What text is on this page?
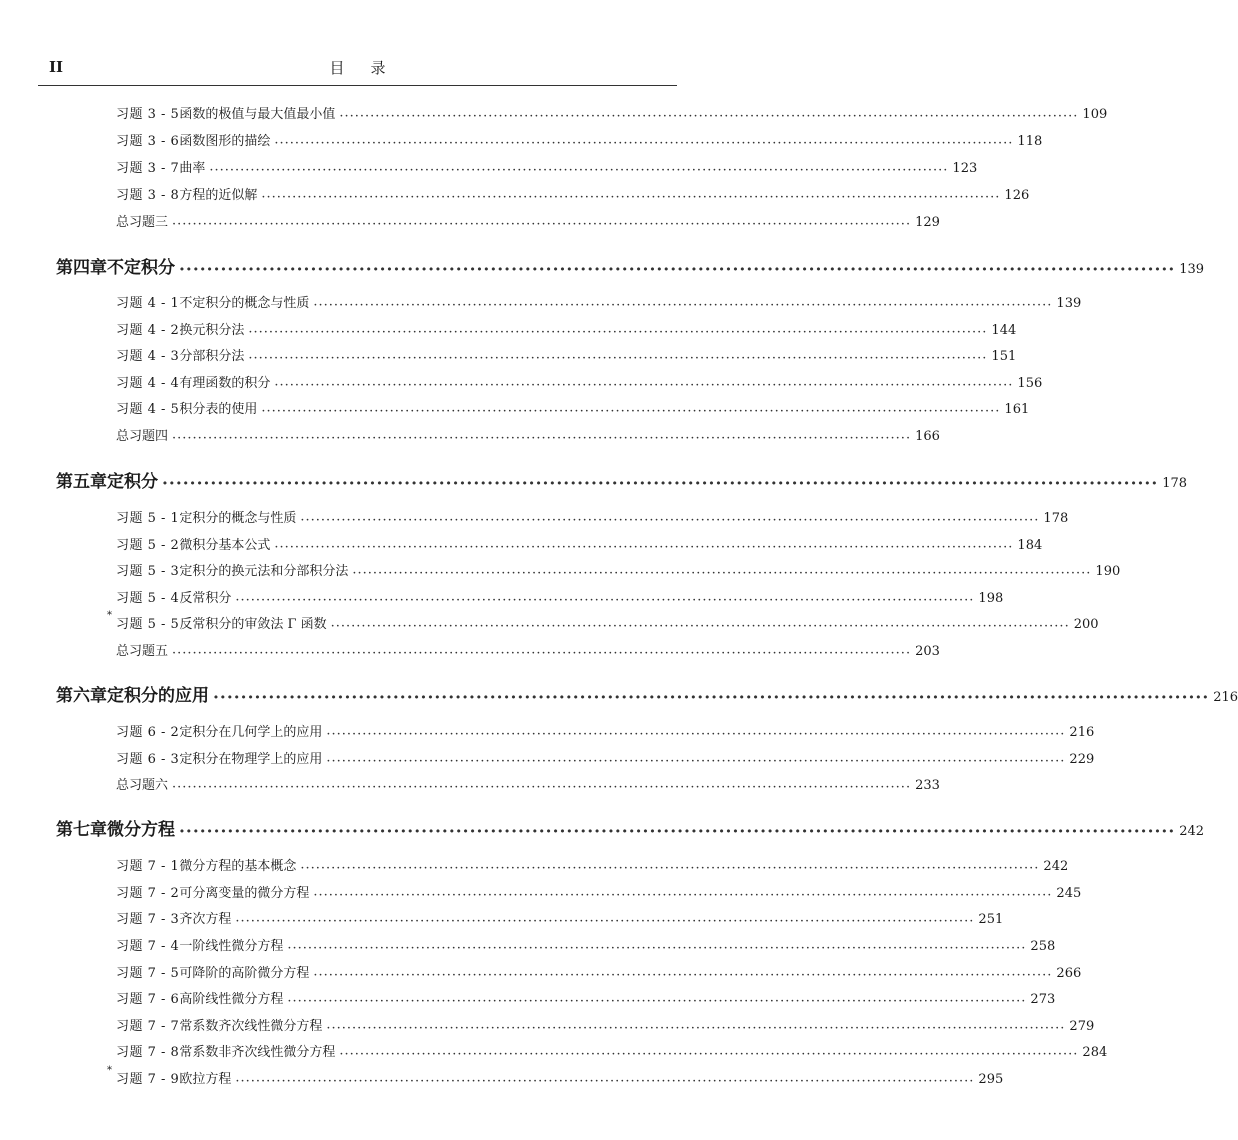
II	目录
习题 3 - 5 函数的极值与最大值最小值 ·····	109
习题 3 - 6 函数图形的描绘 ·····	118
习题 3 - 7 曲率 ·····	123
习题 3 - 8 方程的近似解 ·····	126
总习题三 ·····	129
第四章 不定积分 ·····	139
习题 4 - 1 不定积分的概念与性质 ·····	139
习题 4 - 2 换元积分法 ·····	144
习题 4 - 3 分部积分法 ·····	151
习题 4 - 4 有理函数的积分 ·····	156
习题 4 - 5 积分表的使用 ·····	161
总习题四 ·····	166
第五章 定积分 ·····	178
习题 5 - 1 定积分的概念与性质 ·····	178
习题 5 - 2 微积分基本公式 ·····	184
习题 5 - 3 定积分的换元法和分部积分法 ·····	190
习题 5 - 4 反常积分 ·····	198
*
习题 5 - 5 反常积分的审敛法 Γ 函数 ·····	200
总习题五 ·····	203
第六章 定积分的应用 ·····	216
习题 6 - 2 定积分在几何学上的应用 ·····	216
习题 6 - 3 定积分在物理学上的应用 ·····	229
总习题六 ·····	233
第七章 微分方程 ·····	242
习题 7 - 1 微分方程的基本概念 ·····	242
习题 7 - 2 可分离变量的微分方程 ·····	245
习题 7 - 3 齐次方程 ·····	251
习题 7 - 4 一阶线性微分方程 ·····	258
习题 7 - 5 可降阶的高阶微分方程 ·····	266
习题 7 - 6 高阶线性微分方程 ·····	273
习题 7 - 7 常系数齐次线性微分方程 ·····	279
习题 7 - 8 常系数非齐次线性微分方程 ·····	284
*
习题 7 - 9 欧拉方程 ·····	295
